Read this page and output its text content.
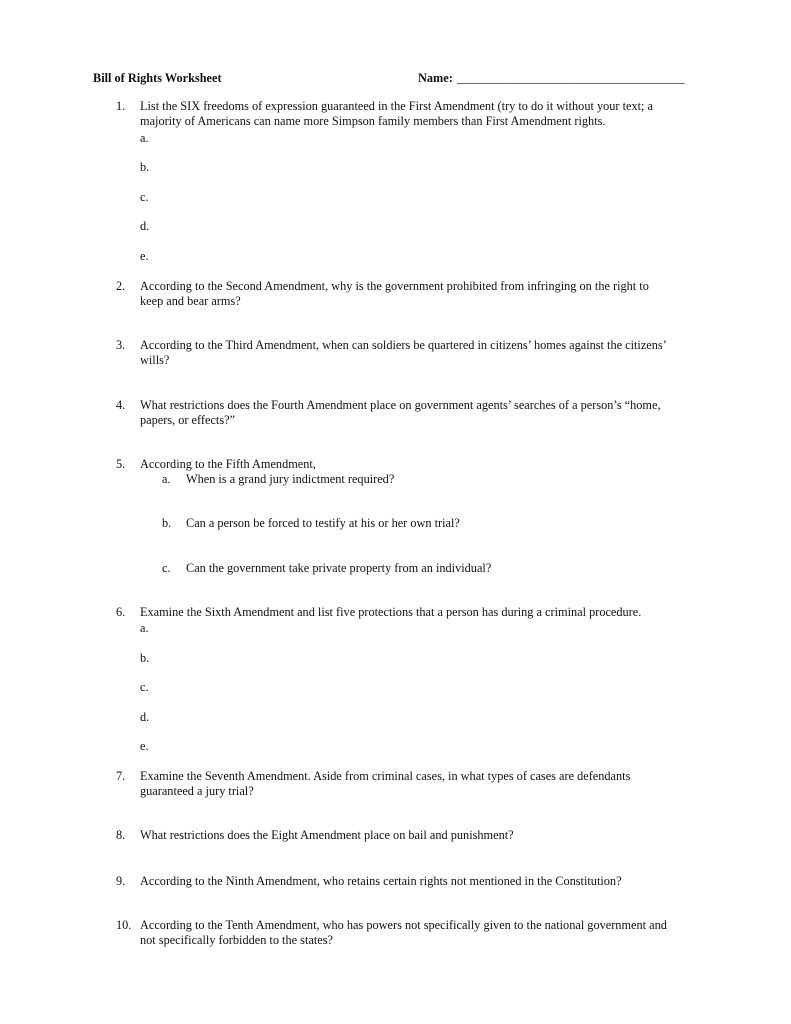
Bill of Rights Worksheet	Name: _____________________________________
1. List the SIX freedoms of expression guaranteed in the First Amendment (try to do it without your text; a
majority of Americans can name more Simpson family members than First Amendment rights.
a.
b.
c.
d.
e.
2. According to the Second Amendment, why is the government prohibited from infringing on the right to
keep and bear arms?
3. According to the Third Amendment, when can soldiers be quartered in citizens’ homes against the citizens’
wills?
4. What restrictions does the Fourth Amendment place on government agents’ searches of a person’s “home,
papers, or effects?”
5. According to the Fifth Amendment,
a. When is a grand jury indictment required?
b. Can a person be forced to testify at his or her own trial?
c. Can the government take private property from an individual?
6. Examine the Sixth Amendment and list five protections that a person has during a criminal procedure.
a.
b.
c.
d.
e.
7. Examine the Seventh Amendment. Aside from criminal cases, in what types of cases are defendants
guaranteed a jury trial?
8. What restrictions does the Eight Amendment place on bail and punishment?
9. According to the Ninth Amendment, who retains certain rights not mentioned in the Constitution?
10. According to the Tenth Amendment, who has powers not specifically given to the national government and
not specifically forbidden to the states?
